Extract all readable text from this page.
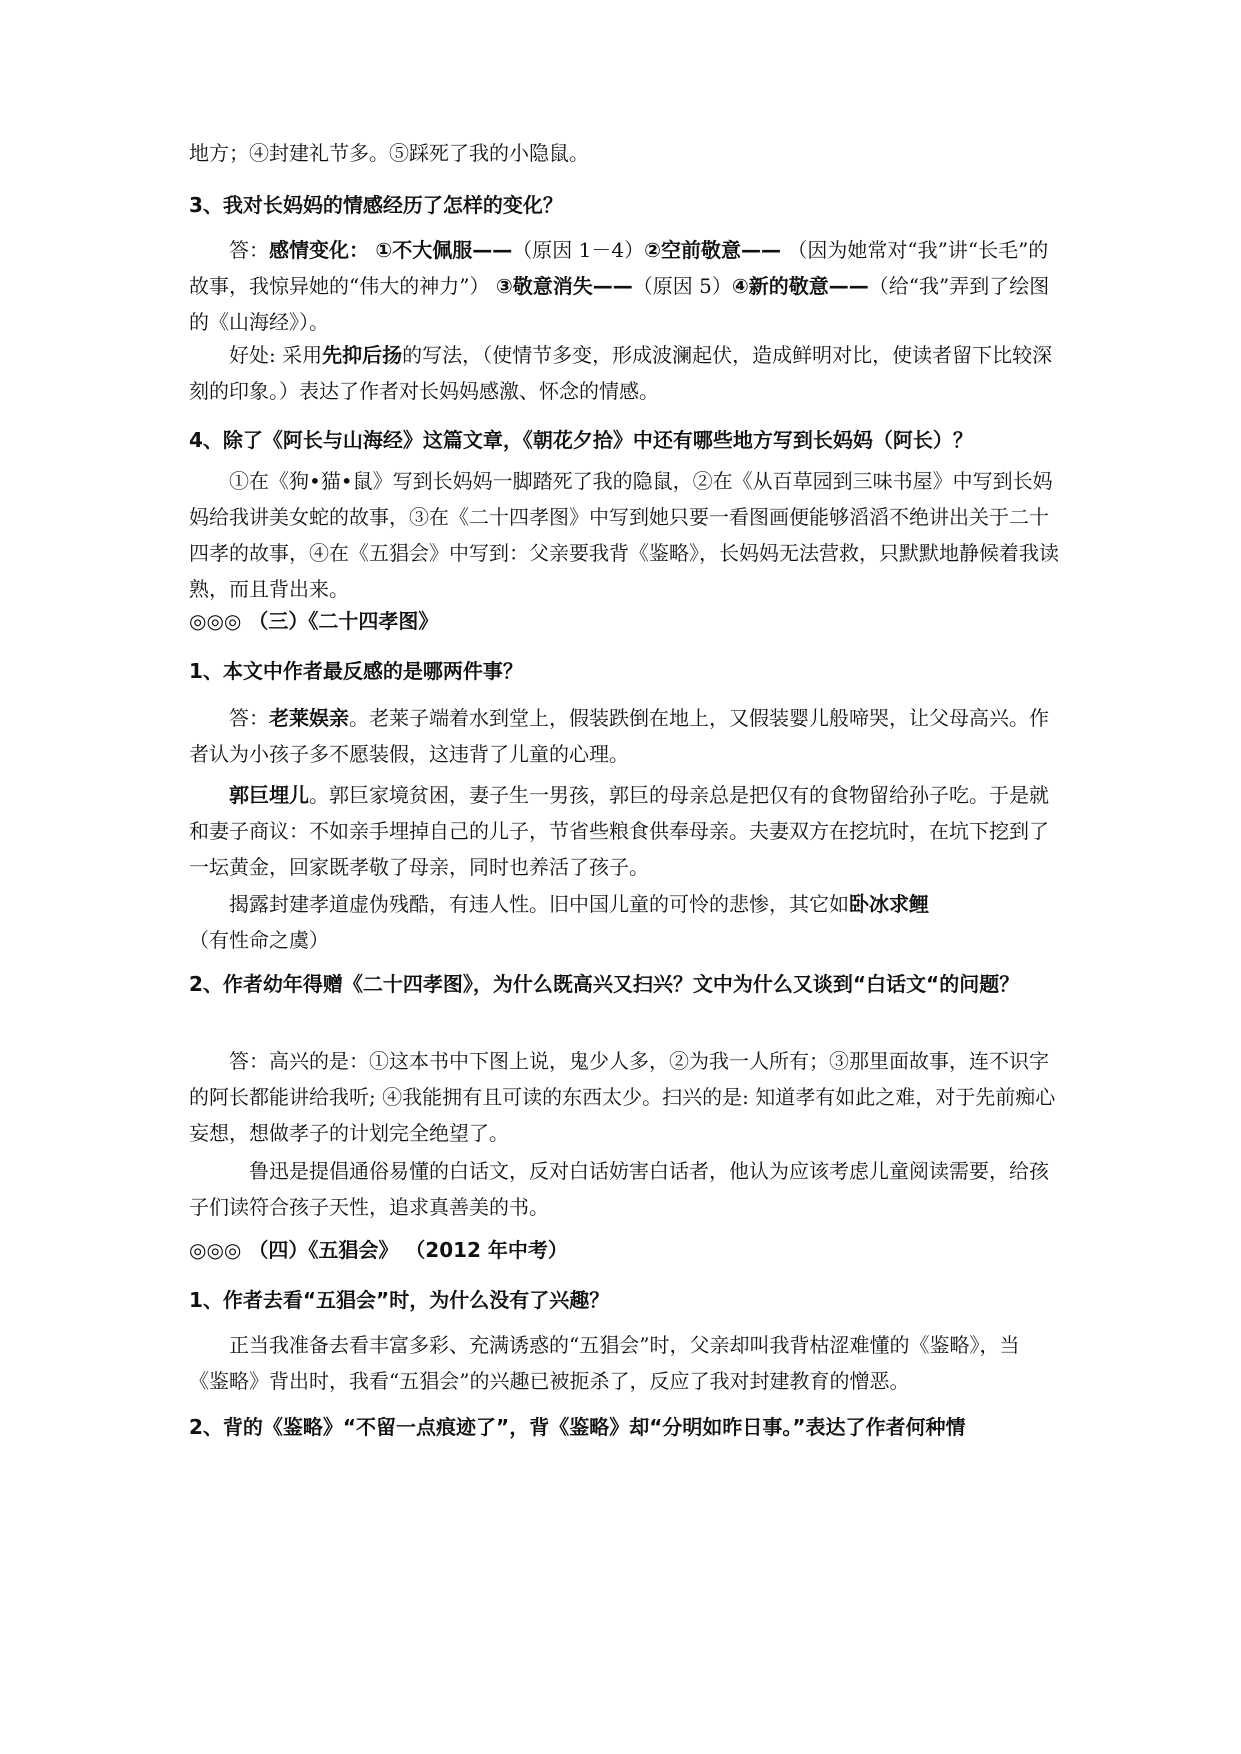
地方；④封建礼节多。⑤踩死了我的小隐鼠。

3、我对长妈妈的情感经历了怎样的变化？

答：感情变化： ①不大佩服——（原因 1－4）②空前敬意—— （因为她常对“我”讲“长毛”的故事，我惊异她的“伟大的神力”） ③敬意消失——（原因 5）④新的敬意——（给“我”弄到了绘图的《山海经》）。

好处: 采用先抑后扬的写法，（使情节多变，形成波澜起伏，造成鲜明对比，使读者留下比较深刻的印象。）表达了作者对长妈妈感激、怀念的情感。

4、除了《阿长与山海经》这篇文章，《朝花夕拾》中还有哪些地方写到长妈妈（阿长）？

①在《狗•猫•鼠》写到长妈妈一脚踏死了我的隐鼠，②在《从百草园到三味书屋》中写到长妈妈给我讲美女蛇的故事，③在《二十四孝图》中写到她只要一看图画便能够滔滔不绝讲出关于二十四孝的故事，④在《五猖会》中写到：父亲要我背《鉴略》，长妈妈无法营救，只默默地静候着我读熟，而且背出来。

◎◎◎ （三）《二十四孝图》

1、本文中作者最反感的是哪两件事？

答：老莱娱亲。老莱子端着水到堂上，假装跌倒在地上，又假装婴儿般啼哭，让父母高兴。作者认为小孩子多不愿装假，这违背了儿童的心理。

郭巨埋儿。郭巨家境贫困，妻子生一男孩，郭巨的母亲总是把仅有的食物留给孙子吃。于是就和妻子商议：不如亲手埋掉自己的儿子，节省些粮食供奉母亲。夫妻双方在挖坑时，在坑下挖到了一坛黄金，回家既孝敬了母亲，同时也养活了孩子。

揭露封建孝道虚伪残酷，有违人性。旧中国儿童的可怜的悲惨，其它如卧冰求鲤（有性命之虞）

2、作者幼年得赠《二十四孝图》，为什么既高兴又扫兴？文中为什么又谈到“白话文“的问题？

答：高兴的是：①这本书中下图上说，鬼少人多，②为我一人所有；③那里面故事，连不识字的阿长都能讲给我听; ④我能拥有且可读的东西太少。扫兴的是: 知道孝有如此之难，对于先前痴心妄想，想做孝子的计划完全绝望了。

鲁迅是提倡通俗易懂的白话文，反对白话妨害白话者，他认为应该考虑儿童阅读需要，给孩子们读符合孩子天性，追求真善美的书。

◎◎◎ （四）《五猖会》 （2012 年中考）

1、作者去看“五猖会”时，为什么没有了兴趣？

正当我准备去看丰富多彩、充满诱惑的“五猖会”时，父亲却叫我背枯涩难懂的《鉴略》，当《鉴略》背出时，我看“五猖会”的兴趣已被扼杀了，反应了我对封建教育的憎恶。

2、背的《鉴略》“不留一点痕迹了”，背《鉴略》却“分明如昨日事。”表达了作者何种情
